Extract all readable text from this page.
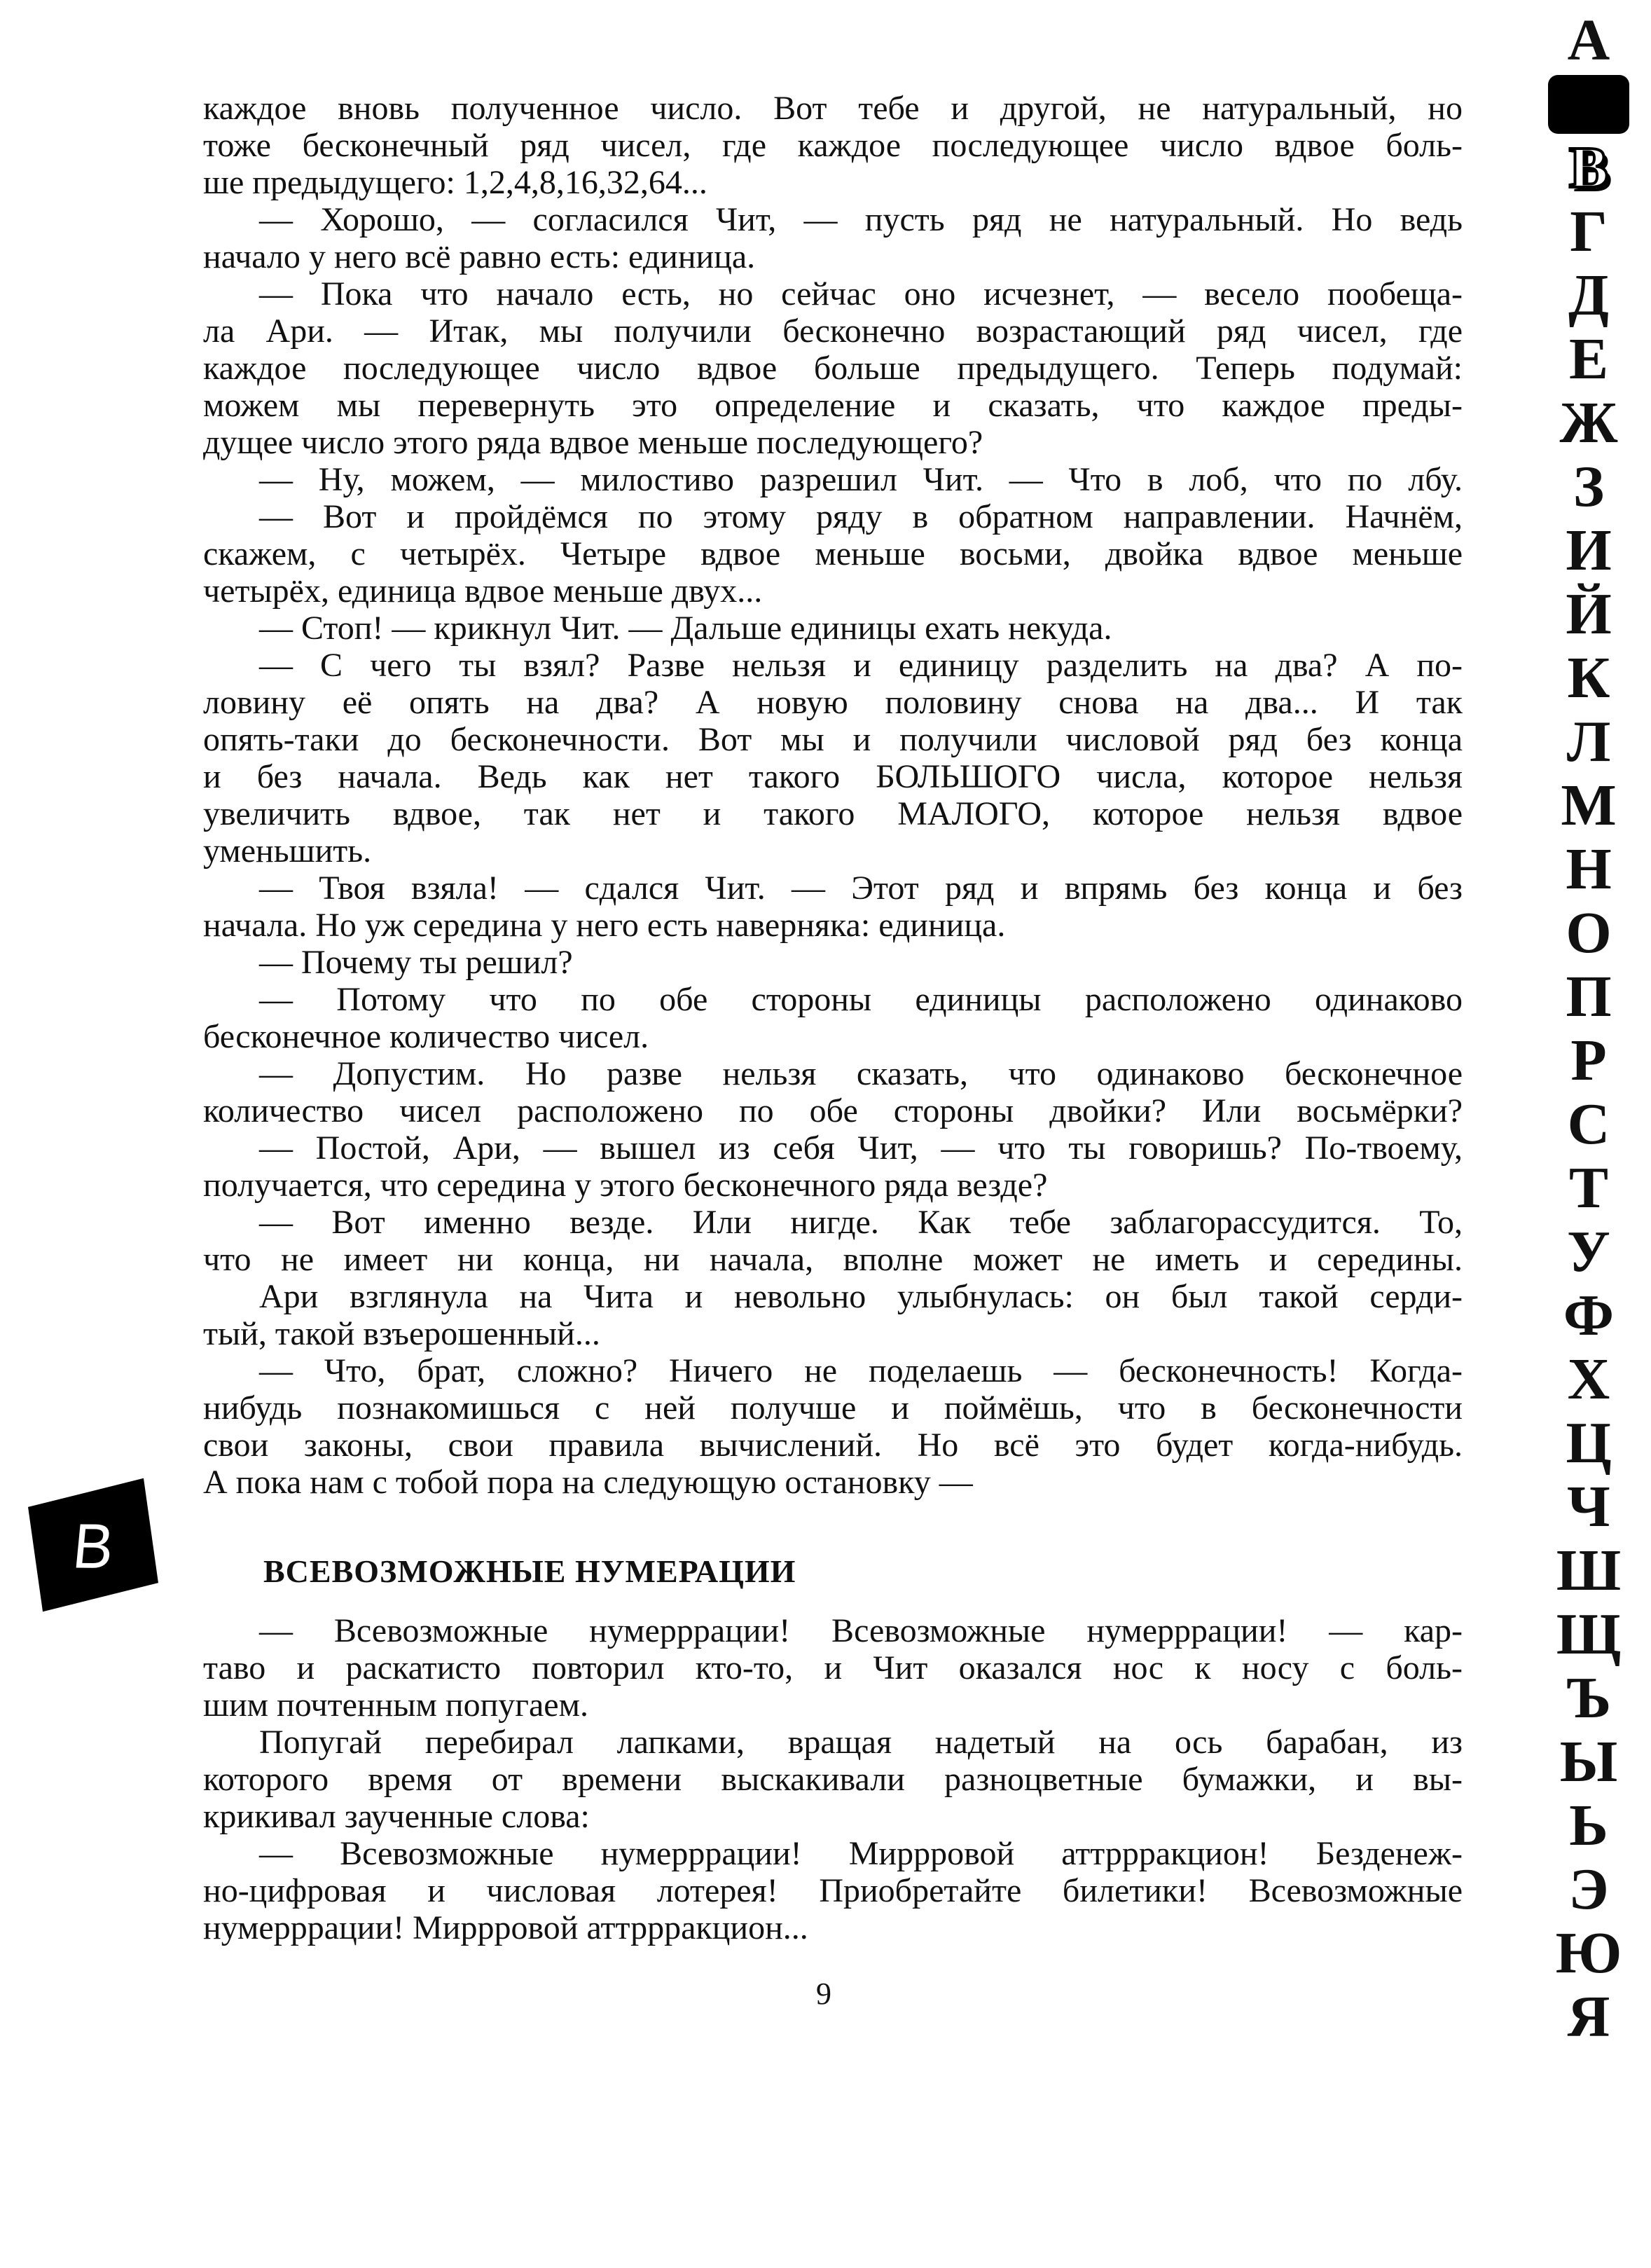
каждое вновь полученное число. Вот тебе и другой, не натуральный, но
тоже бесконечный ряд чисел, где каждое последующее число вдвое боль-
ше предыдущего: 1,2,4,8,16,32,64...
— Хорошо, — согласился Чит, — пусть ряд не натуральный. Но ведь
начало у него всё равно есть: единица.
— Пока что начало есть, но сейчас оно исчезнет, — весело пообеща-
ла Ари. — Итак, мы получили бесконечно возрастающий ряд чисел, где
каждое последующее число вдвое больше предыдущего. Теперь подумай:
можем мы перевернуть это определение и сказать, что каждое преды-
дущее число этого ряда вдвое меньше последующего?
— Ну, можем, — милостиво разрешил Чит. — Что в лоб, что по лбу.
— Вот и пройдёмся по этому ряду в обратном направлении. Начнём,
скажем, с четырёх. Четыре вдвое меньше восьми, двойка вдвое меньше
четырёх, единица вдвое меньше двух...
— Стоп! — крикнул Чит. — Дальше единицы ехать некуда.
— С чего ты взял? Разве нельзя и единицу разделить на два? А по-
ловину её опять на два? А новую половину снова на два... И так
опять-таки до бесконечности. Вот мы и получили числовой ряд без конца
и без начала. Ведь как нет такого БОЛЬШОГО числа, которое нельзя
увеличить вдвое, так нет и такого МАЛОГО, которое нельзя вдвое
уменьшить.
— Твоя взяла! — сдался Чит. — Этот ряд и впрямь без конца и без
начала. Но уж середина у него есть наверняка: единица.
— Почему ты решил?
— Потому что по обе стороны единицы расположено одинаково
бесконечное количество чисел.
— Допустим. Но разве нельзя сказать, что одинаково бесконечное
количество чисел расположено по обе стороны двойки? Или восьмёрки?
— Постой, Ари, — вышел из себя Чит, — что ты говоришь? По-твоему,
получается, что середина у этого бесконечного ряда везде?
— Вот именно везде. Или нигде. Как тебе заблагорассудится. То,
что не имеет ни конца, ни начала, вполне может не иметь и середины.
Ари взглянула на Чита и невольно улыбнулась: он был такой серди-
тый, такой взъерошенный...
— Что, брат, сложно? Ничего не поделаешь — бесконечность! Когда-
нибудь познакомишься с ней получше и поймёшь, что в бесконечности
свои законы, свои правила вычислений. Но всё это будет когда-нибудь.
А пока нам с тобой пора на следующую остановку —
ВСЕВОЗМОЖНЫЕ НУМЕРАЦИИ
— Всевозможные нумерррации! Всевозможные нумерррации! — кар-
таво и раскатисто повторил кто-то, и Чит оказался нос к носу с боль-
шим почтенным попугаем.
Попугай перебирал лапками, вращая надетый на ось барабан, из
которого время от времени выскакивали разноцветные бумажки, и вы-
крикивал заученные слова:
— Всевозможные нумерррации! Миррровой аттррракцион! Безденеж-
но-цифровая и числовая лотерея! Приобретайте билетики! Всевозможные
нумерррации! Миррровой аттррракцион...
9
В
А
Б
В
Г
Д
Е
Ж
З
И
Й
К
Л
М
Н
О
П
Р
С
Т
У
Ф
Х
Ц
Ч
Ш
Щ
Ъ
Ы
Ь
Э
Ю
Я
